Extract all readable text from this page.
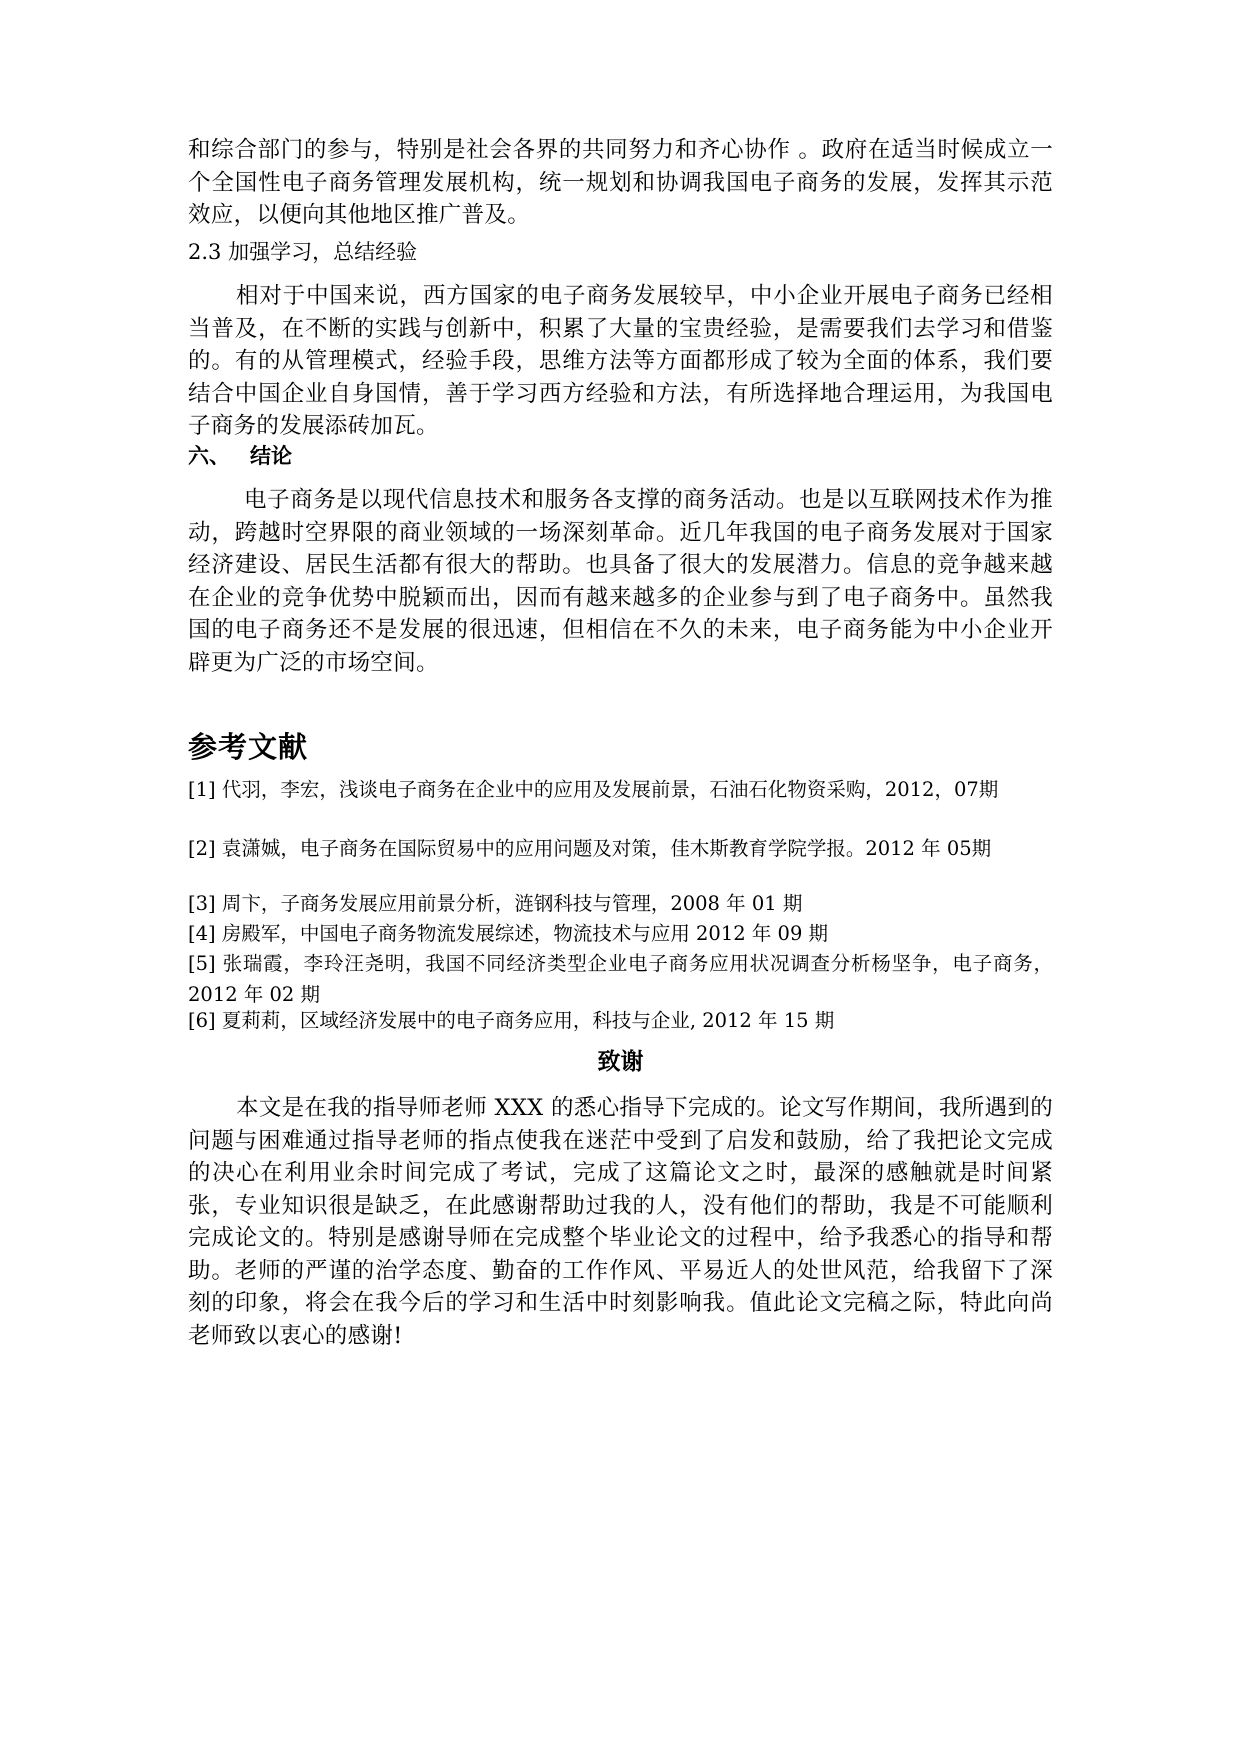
和综合部门的参与，特别是社会各界的共同努力和齐心协作 。政府在适当时候成立一个全国性电子商务管理发展机构，统一规划和协调我国电子商务的发展，发挥其示范效应，以便向其他地区推广普及。

2.3 加强学习，总结经验

相对于中国来说，西方国家的电子商务发展较早，中小企业开展电子商务已经相当普及，在不断的实践与创新中，积累了大量的宝贵经验，是需要我们去学习和借鉴的。有的从管理模式，经验手段，思维方法等方面都形成了较为全面的体系，我们要结合中国企业自身国情，善于学习西方经验和方法，有所选择地合理运用，为我国电子商务的发展添砖加瓦。

六、 结论

电子商务是以现代信息技术和服务各支撑的商务活动。也是以互联网技术作为推动，跨越时空界限的商业领域的一场深刻革命。近几年我国的电子商务发展对于国家经济建设、居民生活都有很大的帮助。也具备了很大的发展潜力。信息的竞争越来越在企业的竞争优势中脱颖而出，因而有越来越多的企业参与到了电子商务中。虽然我国的电子商务还不是发展的很迅速，但相信在不久的未来，电子商务能为中小企业开辟更为广泛的市场空间。

参考文献

[1] 代羽，李宏，浅谈电子商务在企业中的应用及发展前景，石油石化物资采购，2012，07期

[2] 袁潇娍，电子商务在国际贸易中的应用问题及对策，佳木斯教育学院学报。2012 年 05期

[3] 周卞，子商务发展应用前景分析，涟钢科技与管理，2008 年 01 期

[4] 房殿军，中国电子商务物流发展综述，物流技术与应用 2012 年 09 期

[5] 张瑞霞，李玲汪尧明，我国不同经济类型企业电子商务应用状况调查分析杨坚争，电子商务，2012 年 02 期

[6] 夏莉莉，区域经济发展中的电子商务应用，科技与企业, 2012 年 15 期

致谢

本文是在我的指导师老师 XXX 的悉心指导下完成的。论文写作期间，我所遇到的问题与困难通过指导老师的指点使我在迷茫中受到了启发和鼓励，给了我把论文完成的决心在利用业余时间完成了考试，完成了这篇论文之时，最深的感触就是时间紧张，专业知识很是缺乏，在此感谢帮助过我的人，没有他们的帮助，我是不可能顺利完成论文的。特别是感谢导师在完成整个毕业论文的过程中，给予我悉心的指导和帮助。老师的严谨的治学态度、勤奋的工作作风、平易近人的处世风范，给我留下了深刻的印象，将会在我今后的学习和生活中时刻影响我。值此论文完稿之际，特此向尚老师致以衷心的感谢!
